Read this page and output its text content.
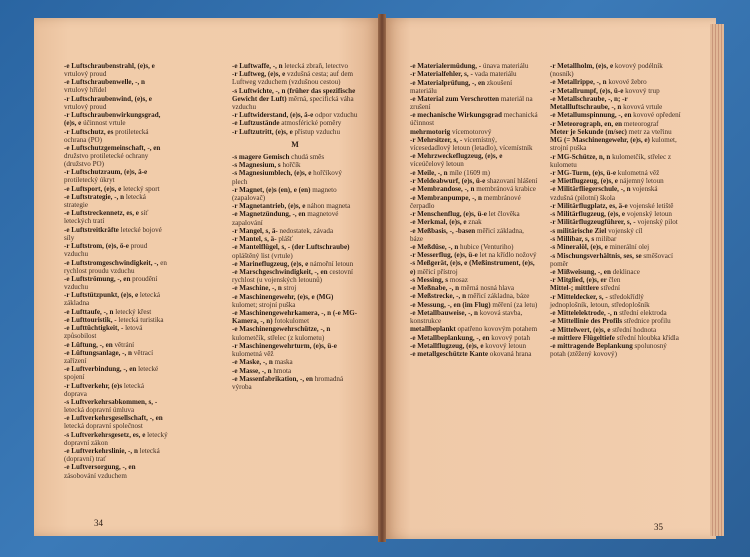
-e Luftschraubenstrahl, (e)s, e vrtulový proud
-e Luftschraubenwelle, -, n vrtulový hřídel
-r Luftschraubenwind, (e)s, e vrtulový proud
-r Luftschraubenwirkungsgrad, (e)s, e účinnost vrtule
-r Luftschutz, es protiletecká ochrana (PO)
-e Luftschutzgemeinschaft, -, en družstvo protiletecké ochrany (družstvo PO)
-r Luftschutzraum, (e)s, ä-e protiletecký úkryt
-e Luftsport, (e)s, e letecký sport
-e Luftstrategie, -, n letecká strategie
-e Luftstreckennetz, es, e síť leteckých tratí
-e Luftstreitkräfte letecké bojové síly
-r Luftstrom, (e)s, ö-e proud vzduchu
-e Luftstromgeschwindigkeit, -, en rychlost proudu vzduchu
-e Luftströmung, -, en proudění vzduchu
-r Luftstützpunkt, (e)s, e letecká základna
-e Lufttaufe, -, n letecký křest
-e Lufttouristik, - letecká turistika
-e Lufttüchtigkeit, - letová způsobilost
-e Lüftung, -, en větrání
-e Lüftungsanlage, -, n větrací zařízení
-e Luftverbindung, -, en letecké spojení
-r Luftverkehr, (e)s letecká doprava
-s Luftverkehrsabkommen, s, - letecká dopravní úmluva
-e Luftverkehrsgesellschaft, -, en letecká dopravní společnost
-s Luftverkehrsgesetz, es, e letecký dopravní zákon
-e Luftverkehrslinie, -, n letecká (dopravní) trať
-e Luftversorgung, -, en zásobování vzduchem
-e Luftwaffe, -, n letecká zbraň, letectvo
-r Luftweg, (e)s, e vzdušná cesta; auf dem Luftweg vzduchem (vzdušnou cestou)
-s Luftwichte, -, n (früher das spezifische Gewicht der Luft) měrná, specifická váha vzduchu
-r Luftwiderstand, (e)s, ä-e odpor vzduchu
-e Luftzustände atmosférické poměry
-r Luftzutritt, (e)s, e přístup vzduchu
M
-s magere Gemisch chudá směs
-s Magnesium, s hořčík
-s Magnesiumblech, (e)s, e hořčíkový plech
-r Magnet, (e)s (en), e (en) magneto (zapalovač)
-r Magnetantrieb, (e)s, e náhon magneta
-e Magnetzündung, -, en magnetové zapalování
-r Mangel, s, ä- nedostatek, závada
-r Mantel, s, ä- plášť
-e Mantelflügel, s, - (der Luftschraube) opláštěný list (vrtule)
-e Marineflugzeug, (e)s, e námořní letoun
-e Marschgeschwindigkeit, -, en cestovní rychlost (u vojenských letounů)
-e Maschine, -, n stroj
-e Maschinengewehr, (e)s, e (MG) kulomet; strojní puška
-e Maschinengewehrkamera, -, n (-e MG-Kamera, -, n) fotokulomet
-e Maschinengewehrschütze, -, n kulometčík, střelec (z kulometu)
-r Maschinengewehrturm, (e)s, ü-e kulometná věž
-e Maske, -, n maska
-e Masse, -, n hmota
-e Massenfabrikation, -, en hromadná výroba
-e Materialermüdung, - únava materiálu
-r Materialfehler, s, - vada materiálu
-e Materialprüfung, -, en zkoušení materiálu
-e Material zum Verschrotten materiál na zrušení
-e mechanische Wirkungsgrad mechanická účinnost
mehrmotorig vícemotorový
-r Mehrsitzer, s, - vícemístný, vícesedadlový letoun (letadlo), vícemístník
-e Mehrzweckeflugzeug, (e)s, e víceúčelový letoun
-e Meile, -, n míle (1609 m)
-r Meldeabwurf, (e)s, ü-e shazovaní hlášení
-e Membrandose, -, n membránová krabice
-e Membranpumpe, -, n membránové čerpadlo
-r Menschenflug, (e)s, ü-e let člověka
-e Merkmal, (e)s, e znak
-e Meßbasis, -, -basen měřicí základna, báze
-e Meßdüse, -, n hubice (Venturiho)
-r Messerflug, (e)s, ü-e let na křídlo nožový
-s Meßgerät, (e)s, e (Meßinstrument, (e)s, e) měřicí přístroj
-s Messing, s mosaz
-e Meßnabe, -, n měrná nosná hlava
-e Meßstrecke, -, n měřicí základna, báze
-e Messung, -, en (im Flug) měření (za letu)
-e Metallbauweise, -, n kovová stavba, konstrukce
metallbeplankt opatřeno kovovým potahem
-e Metallbeplankung, -, en kovový potah
-e Metallflugzeug, (e)s, e kovový letoun
-e metallgeschützte Kante okovaná hrana
-r Metallholm, (e)s, e kovový podélník (nosník)
-e Metallrippe, -, n kovové žebro
-r Metallrumpf, (e)s, ü-e kovový trup
-e Metallschraube, -, n; -r Metallluftschraube, -, n kovová vrtule
-e Metallumspinnung, -, en kovové opředení
-r Meteorograph, en, en meteorograf
Meter je Sekunde (m/sec) metr za vteřinu
MG (= Maschinengewehr, (e)s, e) kulomet, strojní puška
-r MG-Schütze, n, n kulometčík, střelec z kulometu
-r MG-Turm, (e)s, ü-e kulometná věž
-e Mietflugzeug, (e)s, e nájemný letoun
-e Militärfliegerschule, -, n vojenská vzdušná (pilotní) škola
-r Militärflugplatz, es, ä-e vojenské letiště
-s Militärflugzeug, (e)s, e vojenský letoun
-r Militärflugzeugführer, s, - vojenský pilot
-s militärische Ziel vojenský cíl
-s Millibar, s, s milibar
-s Mineralöl, (e)s, e minerální olej
-s Mischungsverhältnis, ses, se směšovací poměr
-e Mißweisung, -, en deklinace
-r Mitglied, (e)s, er člen
Mittel-; mittlere střední
-r Mitteldecker, s, - středokřídlý jednoplošník, letoun, středoplošník
-e Mittelelektrode, -, n střední elektroda
-e Mittellinie des Profils střednice profilu
-e Mittelwert, (e)s, e střední hodnota
-e mittlere Flügeltiefe střední hloubka křídla
-e mittragende Beplankung spolunosný potah (ztěžený kovový)
34	35
